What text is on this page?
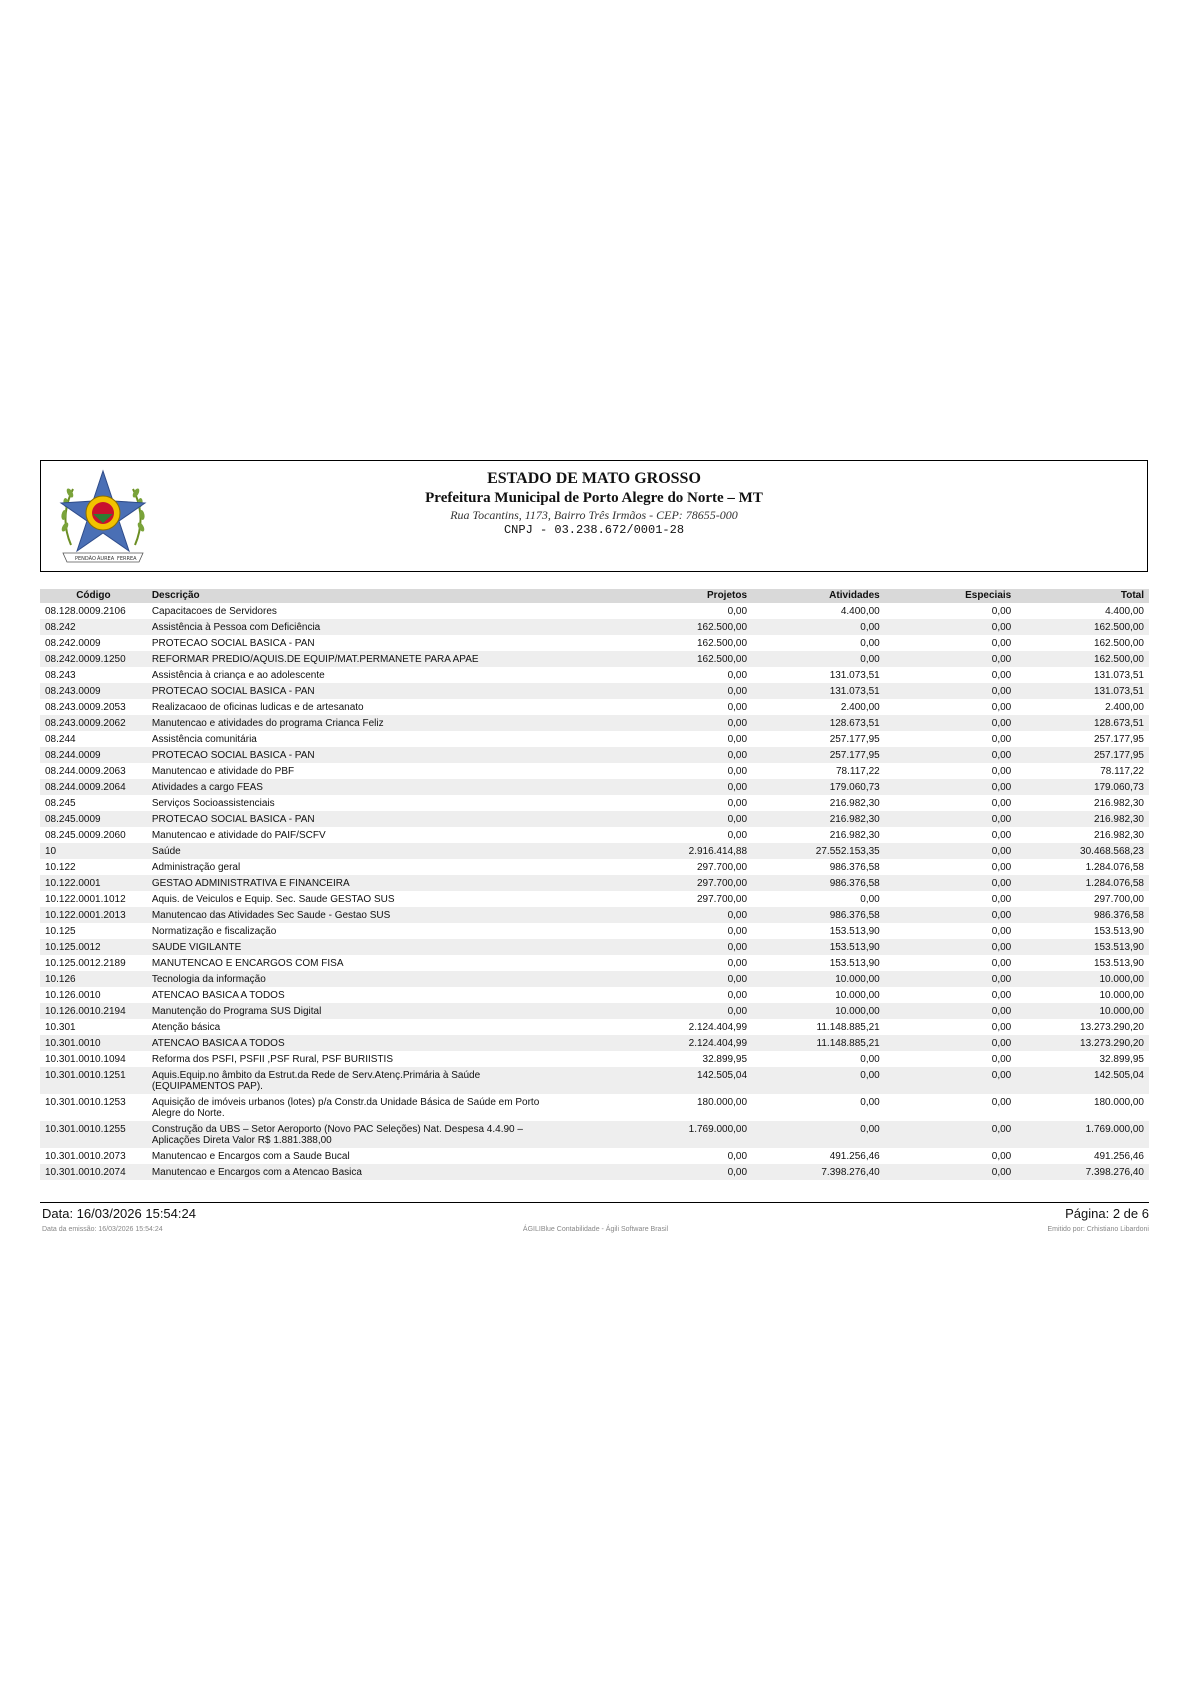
PENDÃO ÁUREA FERREA
ESTADO DE MATO GROSSO
Prefeitura Municipal de Porto Alegre do Norte – MT
Rua Tocantins, 1173, Bairro Três Irmãos - CEP: 78655-000
CNPJ - 03.238.672/0001-28
Código	Descrição	Projetos	Atividades	Especiais	Total
08.128.0009.2106	Capacitacoes de Servidores	0,00	4.400,00	0,00	4.400,00
08.242	Assistência à Pessoa com Deficiência	162.500,00	0,00	0,00	162.500,00
08.242.0009	PROTECAO SOCIAL BASICA - PAN	162.500,00	0,00	0,00	162.500,00
08.242.0009.1250	REFORMAR PREDIO/AQUIS.DE EQUIP/MAT.PERMANETE PARA APAE	162.500,00	0,00	0,00	162.500,00
08.243	Assistência à criança e ao adolescente	0,00	131.073,51	0,00	131.073,51
08.243.0009	PROTECAO SOCIAL BASICA - PAN	0,00	131.073,51	0,00	131.073,51
08.243.0009.2053	Realizacaoo de oficinas ludicas e de artesanato	0,00	2.400,00	0,00	2.400,00
08.243.0009.2062	Manutencao e atividades do programa Crianca Feliz	0,00	128.673,51	0,00	128.673,51
08.244	Assistência comunitária	0,00	257.177,95	0,00	257.177,95
08.244.0009	PROTECAO SOCIAL BASICA - PAN	0,00	257.177,95	0,00	257.177,95
08.244.0009.2063	Manutencao e atividade do PBF	0,00	78.117,22	0,00	78.117,22
08.244.0009.2064	Atividades a cargo FEAS	0,00	179.060,73	0,00	179.060,73
08.245	Serviços Socioassistenciais	0,00	216.982,30	0,00	216.982,30
08.245.0009	PROTECAO SOCIAL BASICA - PAN	0,00	216.982,30	0,00	216.982,30
08.245.0009.2060	Manutencao e atividade do PAIF/SCFV	0,00	216.982,30	0,00	216.982,30
10	Saúde	2.916.414,88	27.552.153,35	0,00	30.468.568,23
10.122	Administração geral	297.700,00	986.376,58	0,00	1.284.076,58
10.122.0001	GESTAO ADMINISTRATIVA E FINANCEIRA	297.700,00	986.376,58	0,00	1.284.076,58
10.122.0001.1012	Aquis. de Veiculos e Equip. Sec. Saude GESTAO SUS	297.700,00	0,00	0,00	297.700,00
10.122.0001.2013	Manutencao das Atividades Sec Saude - Gestao SUS	0,00	986.376,58	0,00	986.376,58
10.125	Normatização e fiscalização	0,00	153.513,90	0,00	153.513,90
10.125.0012	SAUDE VIGILANTE	0,00	153.513,90	0,00	153.513,90
10.125.0012.2189	MANUTENCAO E ENCARGOS COM FISA	0,00	153.513,90	0,00	153.513,90
10.126	Tecnologia da informação	0,00	10.000,00	0,00	10.000,00
10.126.0010	ATENCAO BASICA A TODOS	0,00	10.000,00	0,00	10.000,00
10.126.0010.2194	Manutenção do Programa SUS Digital	0,00	10.000,00	0,00	10.000,00
10.301	Atenção básica	2.124.404,99	11.148.885,21	0,00	13.273.290,20
10.301.0010	ATENCAO BASICA A TODOS	2.124.404,99	11.148.885,21	0,00	13.273.290,20
10.301.0010.1094	Reforma dos PSFI, PSFII ,PSF Rural, PSF BURIISTIS	32.899,95	0,00	0,00	32.899,95
10.301.0010.1251	Aquis.Equip.no âmbito da Estrut.da Rede de Serv.Atenç.Primária à Saúde (EQUIPAMENTOS PAP).	142.505,04	0,00	0,00	142.505,04
10.301.0010.1253	Aquisição de imóveis urbanos (lotes) p/a Constr.da Unidade Básica de Saúde em Porto Alegre do Norte.	180.000,00	0,00	0,00	180.000,00
10.301.0010.1255	Construção da UBS – Setor Aeroporto (Novo PAC Seleções) Nat. Despesa 4.4.90 – Aplicações Direta Valor R$ 1.881.388,00	1.769.000,00	0,00	0,00	1.769.000,00
10.301.0010.2073	Manutencao e Encargos com a Saude Bucal	0,00	491.256,46	0,00	491.256,46
10.301.0010.2074	Manutencao e Encargos com a Atencao Basica	0,00	7.398.276,40	0,00	7.398.276,40
Data: 16/03/2026 15:54:24	Página: 2 de 6
Data da emissão: 16/03/2026 15:54:24	ÁGILIBlue Contabilidade - Ágili Software Brasil	Emitido por: Crhistiano Libardoni
